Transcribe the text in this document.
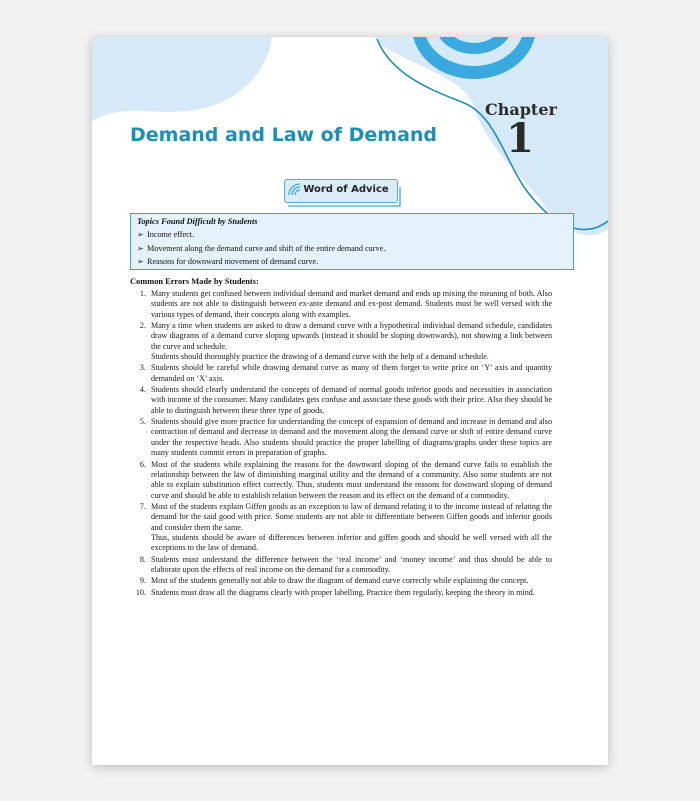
Chapter
1
Demand and Law of Demand
Word of Advice
Topics Found Difficult by Students
➢ Income effect.
➢ Movement along the demand curve and shift of the entire demand curve.
➢ Reasons for downward movement of demand curve.
Common Errors Made by Students:
1. Many students get confused between individual demand and market demand and ends up mixing the meaning of both. Also students are not able to distinguish between ex-ante demand and ex-post demand. Students must be well versed with the various types of demand, their concepts along with examples.
2. Many a time when students are asked to draw a demand curve with a hypothetical individual demand schedule, candidates draw diagrams of a demand curve sloping upwards (instead it should be sloping downwards), not showing a link between the curve and schedule.
Students should thoroughly practice the drawing of a demand curve with the help of a demand schedule.
3. Students should be careful while drawing demand curve as many of them forget to write price on ‘Y’ axis and quantity demanded on ‘X’ axis.
4. Students should clearly understand the concepts of demand of normal goods inferior goods and necessities in association with income of the consumer. Many candidates gets confuse and associate these goods with their price. Also they should be able to distinguish between these three type of goods.
5. Students should give more practice for understanding the concept of expansion of demand and increase in demand and also contraction of demand and decrease in demand and the movement along the demand curve or shift of entire demand curve under the respective heads. Also students should practice the proper labelling of diagrams/graphs under these topics are many students commit errors in preparation of graphs.
6. Most of the students while explaining the reasons for the downward sloping of the demand curve fails to establish the relationship between the law of diminishing marginal utility and the demand of a community. Also some students are not able to explain substitution effect correctly. Thus, students must understand the reasons for downward sloping of demand curve and should be able to establish relation between the reason and its effect on the demand of a commodity.
7. Most of the students explain Giffen goods as an exception to law of demand relating it to the income instead of relating the demand for the said good with price. Some students are not able to differentiate between Giffen goods and inferior goods and consider them the same.
Thus, students should be aware of differences between inferior and giffen goods and should be well versed with all the exceptions to the law of demand.
8. Students must understand the difference between the ‘real income’ and ‘money income’ and thus should be able to elaborate upon the effects of real income on the demand for a commodity.
9. Most of the students generally not able to draw the diagram of demand curve correctly while explaining the concept.
10. Students must draw all the diagrams clearly with proper labelling. Practice them regularly, keeping the theory in mind.
